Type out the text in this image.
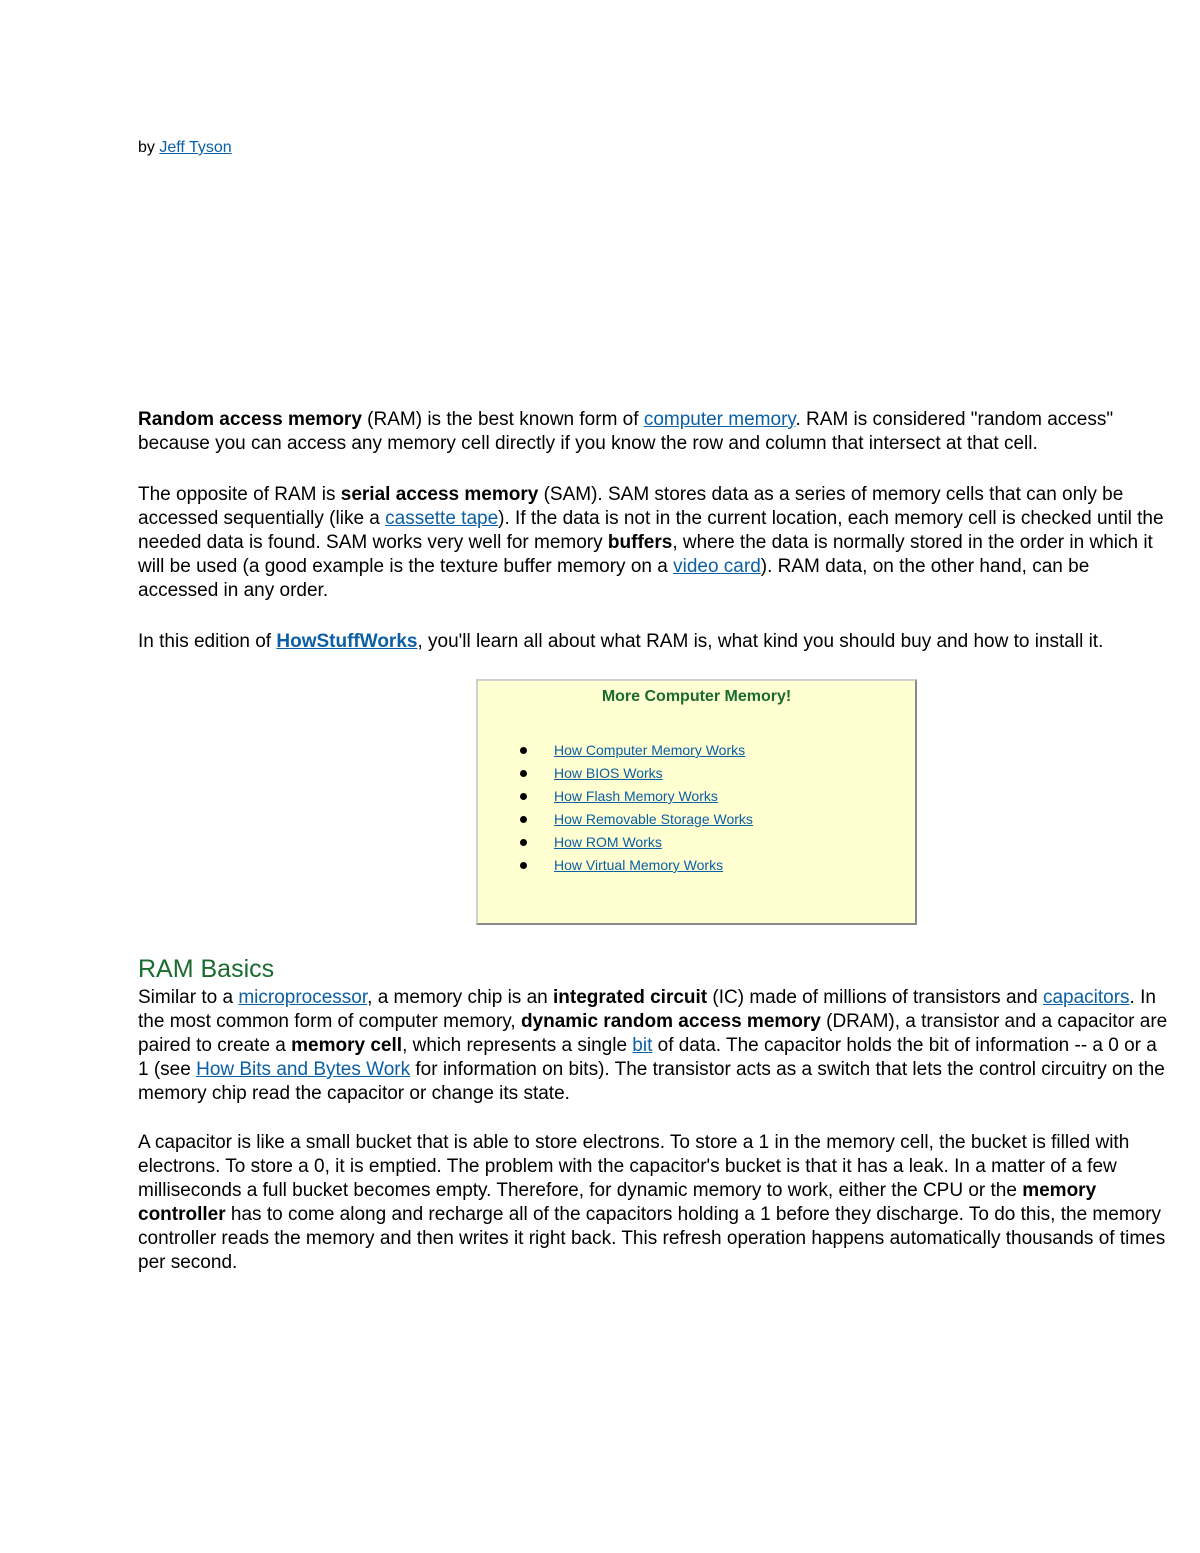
by Jeff Tyson
Random access memory (RAM) is the best known form of computer memory. RAM is considered "random access"
because you can access any memory cell directly if you know the row and column that intersect at that cell.
The opposite of RAM is serial access memory (SAM). SAM stores data as a series of memory cells that can only be
accessed sequentially (like a cassette tape). If the data is not in the current location, each memory cell is checked until the
needed data is found. SAM works very well for memory buffers, where the data is normally stored in the order in which it
will be used (a good example is the texture buffer memory on a video card). RAM data, on the other hand, can be
accessed in any order.
In this edition of HowStuffWorks, you'll learn all about what RAM is, what kind you should buy and how to install it.
More Computer Memory!
How Computer Memory Works
How BIOS Works
How Flash Memory Works
How Removable Storage Works
How ROM Works
How Virtual Memory Works
RAM Basics
Similar to a microprocessor, a memory chip is an integrated circuit (IC) made of millions of transistors and capacitors. In
the most common form of computer memory, dynamic random access memory (DRAM), a transistor and a capacitor are
paired to create a memory cell, which represents a single bit of data. The capacitor holds the bit of information -- a 0 or a
1 (see How Bits and Bytes Work for information on bits). The transistor acts as a switch that lets the control circuitry on the
memory chip read the capacitor or change its state.
A capacitor is like a small bucket that is able to store electrons. To store a 1 in the memory cell, the bucket is filled with
electrons. To store a 0, it is emptied. The problem with the capacitor's bucket is that it has a leak. In a matter of a few
milliseconds a full bucket becomes empty. Therefore, for dynamic memory to work, either the CPU or the memory
controller has to come along and recharge all of the capacitors holding a 1 before they discharge. To do this, the memory
controller reads the memory and then writes it right back. This refresh operation happens automatically thousands of times
per second.
